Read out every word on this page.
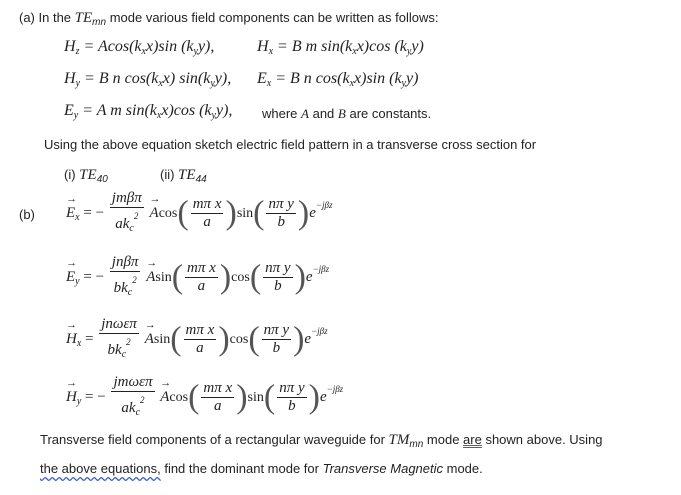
(a) In the $TE_{mn}$ mode various field components can be written as follows:
$H_z = Acos(k_xx)\sin$ $(k_yy)$,	$H_x = B$ m $\sin(k_xx)\cos$ $(k_yy)$
$H_y = B$ n $\cos(k_xx)$ $\sin(k_yy)$, $E_x = B$ n $\cos(k_xx)\sin$ $(k_yy)$
$E_y = A$ m $\sin(k_xx)\cos$ $(k_yy)$, where A and B are constants.
Using the above equation sketch electric field pattern in a transverse cross section for
(i) $TE_{40}$	(ii) $TE_{44}$
(b)
→ $E_x$ = − $\frac{\text{jmβπ}}{ak_c^2}$
→ $Acos( \frac{\text{mπ x}}{a} )\sin( \frac{\text{nπ y}}{b} )e^{-j\beta z}$
→ $E_y$ = − $\frac{\text{jnβπ}}{bk_c^2}$
→ $Asin( \frac{\text{mπ x}}{a} )\cos( \frac{\text{nπ y}}{b} )e^{-j\beta z}$
→ $H_x = \frac{\text{jnωεπ}}{bk_c^2}$
→ $Asin( \frac{\text{mπ x}}{a} )\cos( \frac{\text{nπ y}}{b} )e^{-j\beta z}$
→ $H_y$ = − $\frac{\text{jmωεπ}}{ak_c^2}$
→ $Acos( \frac{\text{mπ x}}{a} )\sin( \frac{\text{nπ y}}{b} )e^{-j\beta z}$
Transverse field components of a rectangular waveguide for $TM_{mn}$ mode are shown above. Using
the above equations, find the dominant mode for Transverse Magnetic mode.
